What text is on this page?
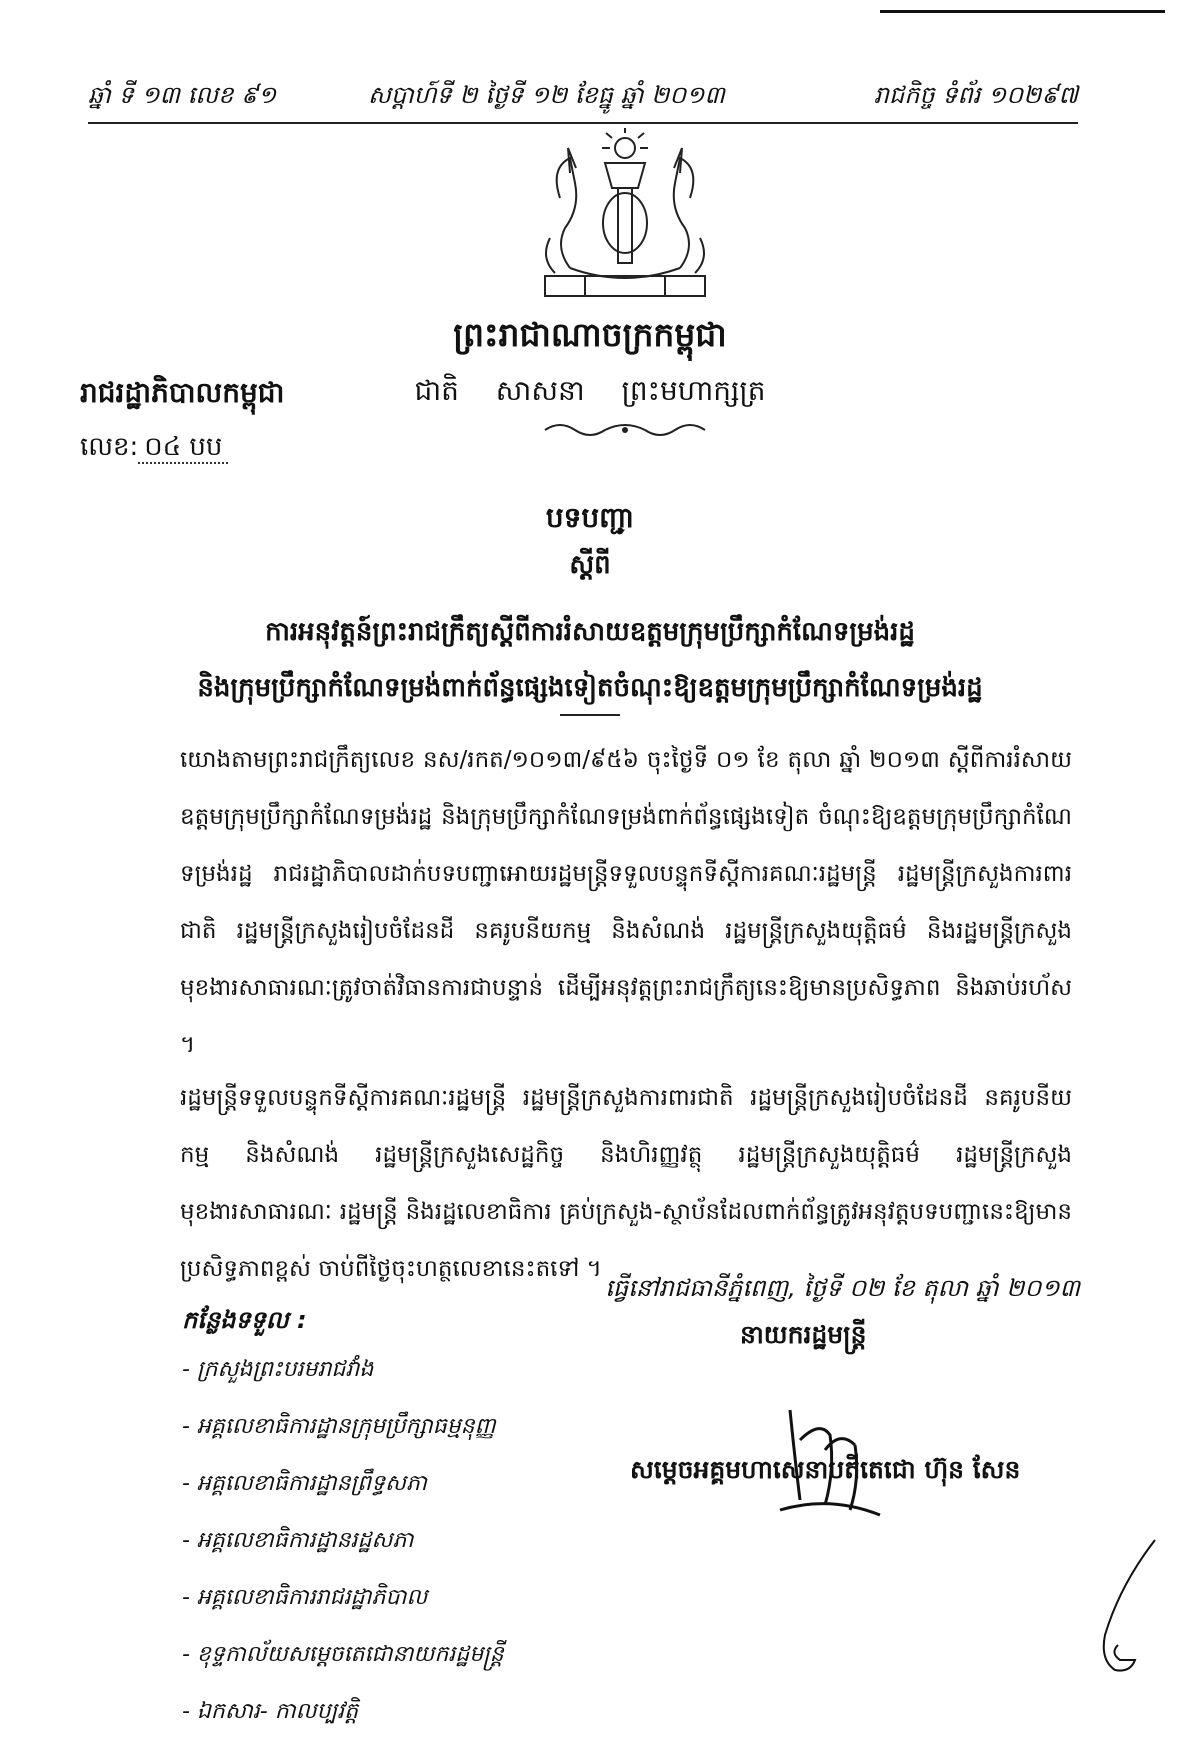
ឆ្នាំ ទី ១៣ លេខ ៩១	សប្តាហ៍ទី ២ ថ្ងៃទី ១២ ខែធ្នូ ឆ្នាំ ២០១៣	រាជកិច្ច ទំព័រ ១០២៩៧
ព្រះរាជាណាចក្រកម្ពុជា
ជាតិ សាសនា ព្រះមហាក្សត្រ
រាជរដ្ឋាភិបាលកម្ពុជា
លេខ: ០៤ បប
បទបញ្ជា
ស្តីពី
ការអនុវត្តន៍ព្រះរាជក្រឹត្យស្តីពីការរំសាយឧត្តមក្រុមប្រឹក្សាកំណែទម្រង់រដ្ឋ
និងក្រុមប្រឹក្សាកំណែទម្រង់ពាក់ព័ន្ធផ្សេងទៀតចំណុះឱ្យឧត្តមក្រុមប្រឹក្សាកំណែទម្រង់រដ្ឋ
យោងតាមព្រះរាជក្រឹត្យលេខ នស/រកត/១០១៣/៩៥៦ ចុះថ្ងៃទី ០១ ខែ តុលា ឆ្នាំ ២០១៣ ស្តីពីការរំសាយឧត្តមក្រុមប្រឹក្សាកំណែទម្រង់រដ្ឋ និងក្រុមប្រឹក្សាកំណែទម្រង់ពាក់ព័ន្ធផ្សេងទៀត ចំណុះឱ្យឧត្តមក្រុមប្រឹក្សាកំណែទម្រង់រដ្ឋ រាជរដ្ឋាភិបាលដាក់បទបញ្ជាអោយរដ្ឋមន្ត្រីទទួលបន្ទុកទីស្តីការគណៈរដ្ឋមន្ត្រី រដ្ឋមន្ត្រីក្រសួងការពារជាតិ រដ្ឋមន្ត្រីក្រសួងរៀបចំដែនដី នគរូបនីយកម្ម និងសំណង់ រដ្ឋមន្ត្រីក្រសួងយុត្តិធម៌ និងរដ្ឋមន្ត្រីក្រសួងមុខងារសាធារណៈត្រូវចាត់វិធានការជាបន្ទាន់ ដើម្បីអនុវត្តព្រះរាជក្រឹត្យនេះឱ្យមានប្រសិទ្ធភាព និងឆាប់រហ័ស ។
រដ្ឋមន្ត្រីទទួលបន្ទុកទីស្តីការគណៈរដ្ឋមន្ត្រី រដ្ឋមន្ត្រីក្រសួងការពារជាតិ រដ្ឋមន្ត្រីក្រសួងរៀបចំដែនដី នគរូបនីយកម្ម និងសំណង់ រដ្ឋមន្ត្រីក្រសួងសេដ្ឋកិច្ច និងហិរញ្ញវត្ថុ រដ្ឋមន្ត្រីក្រសួងយុត្តិធម៌ រដ្ឋមន្ត្រីក្រសួងមុខងារសាធារណៈ រដ្ឋមន្ត្រី និងរដ្ឋលេខាធិការ គ្រប់ក្រសួង-ស្ថាប័នដែលពាក់ព័ន្ធត្រូវអនុវត្តបទបញ្ជានេះឱ្យមានប្រសិទ្ធភាពខ្ពស់ ចាប់ពីថ្ងៃចុះហត្ថលេខានេះតទៅ ។
ធ្វើនៅរាជធានីភ្នំពេញ, ថ្ងៃទី ០២ ខែ តុលា ឆ្នាំ ២០១៣
នាយករដ្ឋមន្ត្រី
កន្លែងទទួល :
- ក្រសួងព្រះបរមរាជវាំង
- អគ្គលេខាធិការដ្ឋានក្រុមប្រឹក្សាធម្មនុញ្ញ
- អគ្គលេខាធិការដ្ឋានព្រឹទ្ធសភា
- អគ្គលេខាធិការដ្ឋានរដ្ឋសភា
- អគ្គលេខាធិការរាជរដ្ឋាភិបាល
- ខុទ្ទកាល័យសម្តេចតេជោនាយករដ្ឋមន្ត្រី
- ឯកសារ- កាលប្បវត្តិ
សម្តេចអគ្គមហាសេនាបតីតេជោ ហ៊ុន សែន
